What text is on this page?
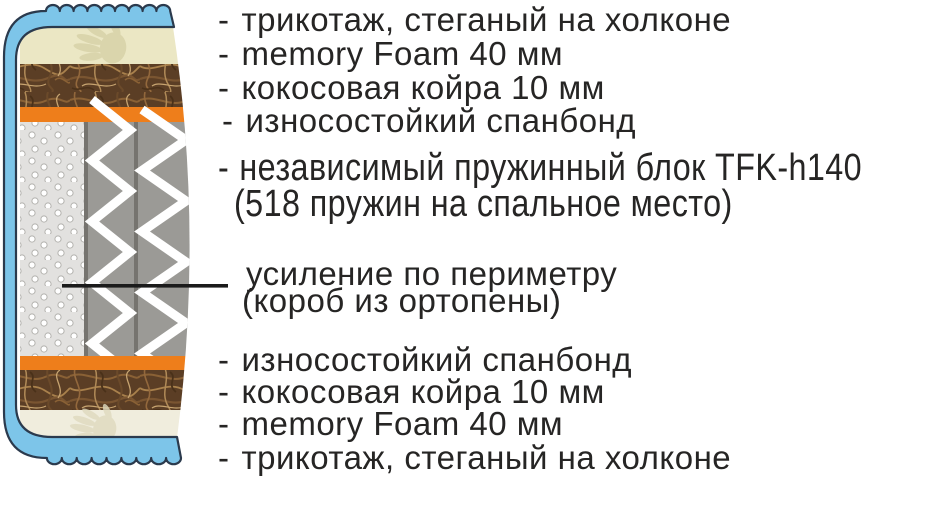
- трикотаж, стеганый на холконе
- memory Foam 40 мм
- кокосовая койра 10 мм
- износостойкий спанбонд
- независимый пружинный блок TFK-h140
(518 пружин на спальное место)
усиление по периметру
(короб из ортопены)
- износостойкий спанбонд
- кокосовая койра 10 мм
- memory Foam 40 мм
- трикотаж, стеганый на холконе
